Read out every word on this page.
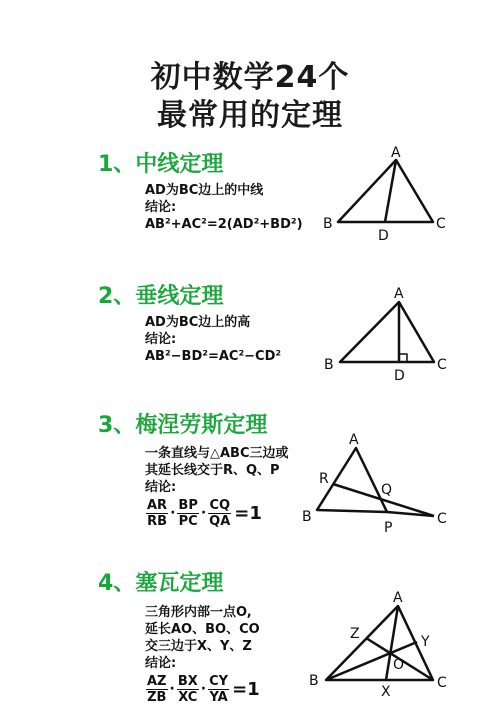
初中数学24个
最常用的定理
1、中线定理
AD为BC边上的中线
结论:
AB²+AC²=2(AD²+BD²)
A
B	C
D
2、垂线定理
AD为BC边上的高
结论:
AB²−BD²=AC²−CD²
A
B	C
D
3、梅涅劳斯定理
一条直线与△ABC三边或
其延长线交于R、Q、P
结论:
$\frac{AR}{RB} \cdot \frac{BP}{PC} \cdot \frac{CQ}{QA} =1$
A
B	C
R
Q
P
4、塞瓦定理
三角形内部一点O,
延长AO、BO、CO
交三边于X、Y、Z
结论:
$\frac{AZ}{ZB} \cdot \frac{BX}{XC} \cdot \frac{CY}{YA} =1$
A
B	C
O
X
Y
Z
